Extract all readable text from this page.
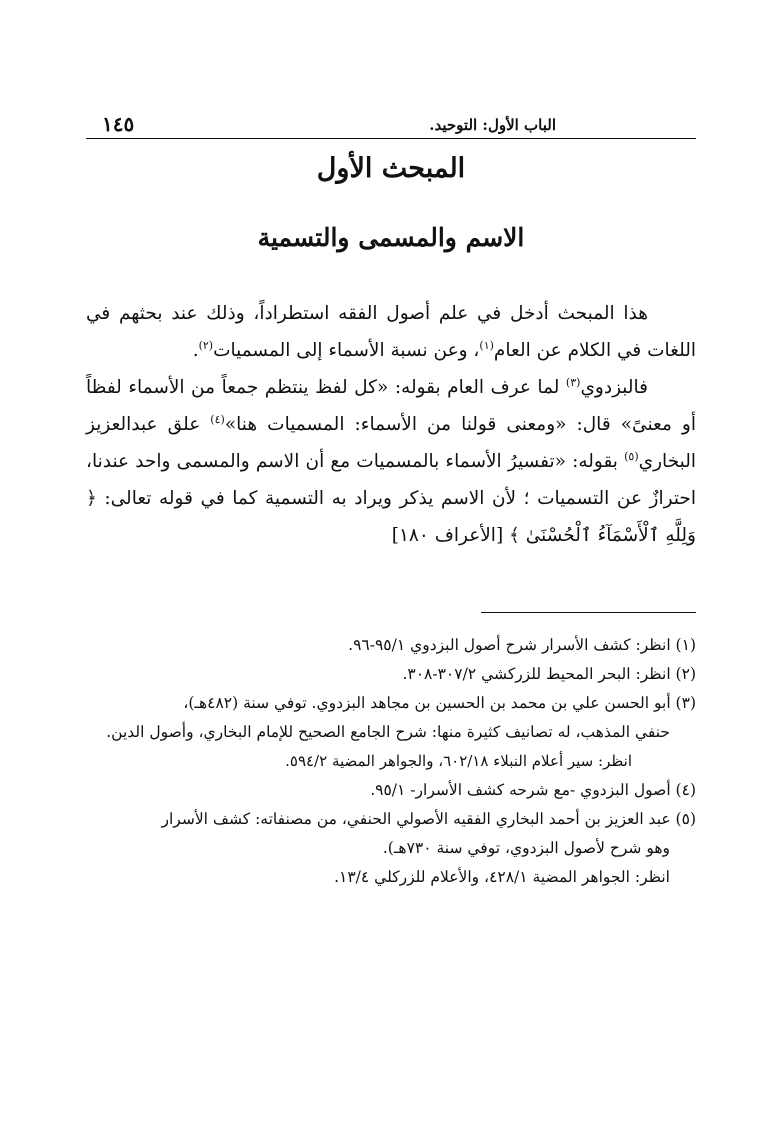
الباب الأول: التوحيد.
١٤٥
المبحث الأول
الاسم والمسمى والتسمية

هذا المبحث أدخل في علم أصول الفقه استطراداً، وذلك عند بحثهم في اللغات في الكلام عن العام$^{(١)}$، وعن نسبة الأسماء إلى المسميات$^{(٢)}$.

فالبزدوي$^{(٣)}$ لما عرف العام بقوله: «كل لفظ ينتظم جمعاً من الأسماء لفظاً أو معنىً» قال: «ومعنى قولنا من الأسماء: المسميات هنا»$^{(٤)}$ علق عبدالعزيز البخاري$^{(٥)}$ بقوله: «تفسيرُ الأسماء بالمسميات مع أن الاسم والمسمى واحد عندنا، احترازٌ عن التسميات ؛ لأن الاسم يذكر ويراد به التسمية كما في قوله تعالى: ﴿ وَلِلَّهِ ٱلْأَسْمَآءُ ٱلْحُسْنَىٰ ﴾ [الأعراف ١٨٠]

(١) انظر: كشف الأسرار شرح أصول البزدوي ٩٥/١-٩٦.

(٢) انظر: البحر المحيط للزركشي ٣٠٧/٢-٣٠٨.

(٣) أبو الحسن علي بن محمد بن الحسين بن مجاهد البزدوي. توفي سنة (٤٨٢هـ)،

حنفي المذهب، له تصانيف كثيرة منها: شرح الجامع الصحيح للإمام البخاري، وأصول الدين.

انظر: سير أعلام النبلاء ٦٠٢/١٨، والجواهر المضية ٥٩٤/٢.

(٤) أصول البزدوي -مع شرحه كشف الأسرار- ٩٥/١.

(٥) عبد العزيز بن أحمد البخاري الفقيه الأصولي الحنفي، من مصنفاته: كشف الأسرار

وهو شرح لأصول البزدوي، توفي سنة ٧٣٠هـ).

انظر: الجواهر المضية ٤٢٨/١، والأعلام للزركلي ١٣/٤.
